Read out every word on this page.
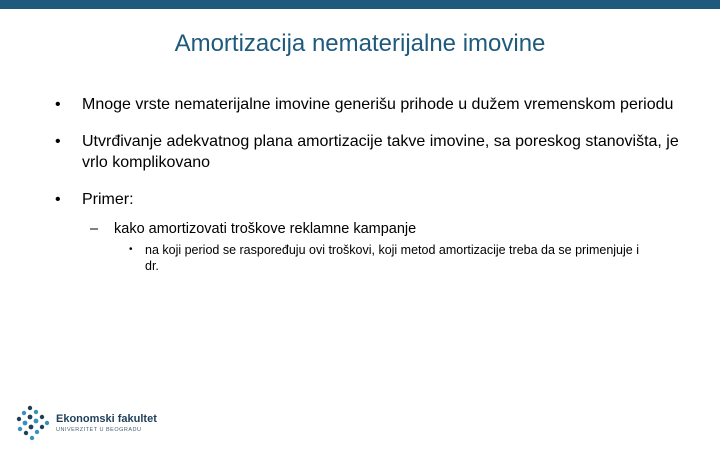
Amortizacija nematerijalne imovine
• Mnoge vrste nematerijalne imovine generišu prihode u dužem vremenskom periodu
• Utvrđivanje adekvatnog plana amortizacije takve imovine, sa poreskog stanovišta, je vrlo komplikovano
• Primer:
– kako amortizovati troškove reklamne kampanje
• na koji period se raspoređuju ovi troškovi, koji metod amortizacije treba da se primenjuje i dr.
Ekonomski fakultet
UNIVERZITET U BEOGRADU
